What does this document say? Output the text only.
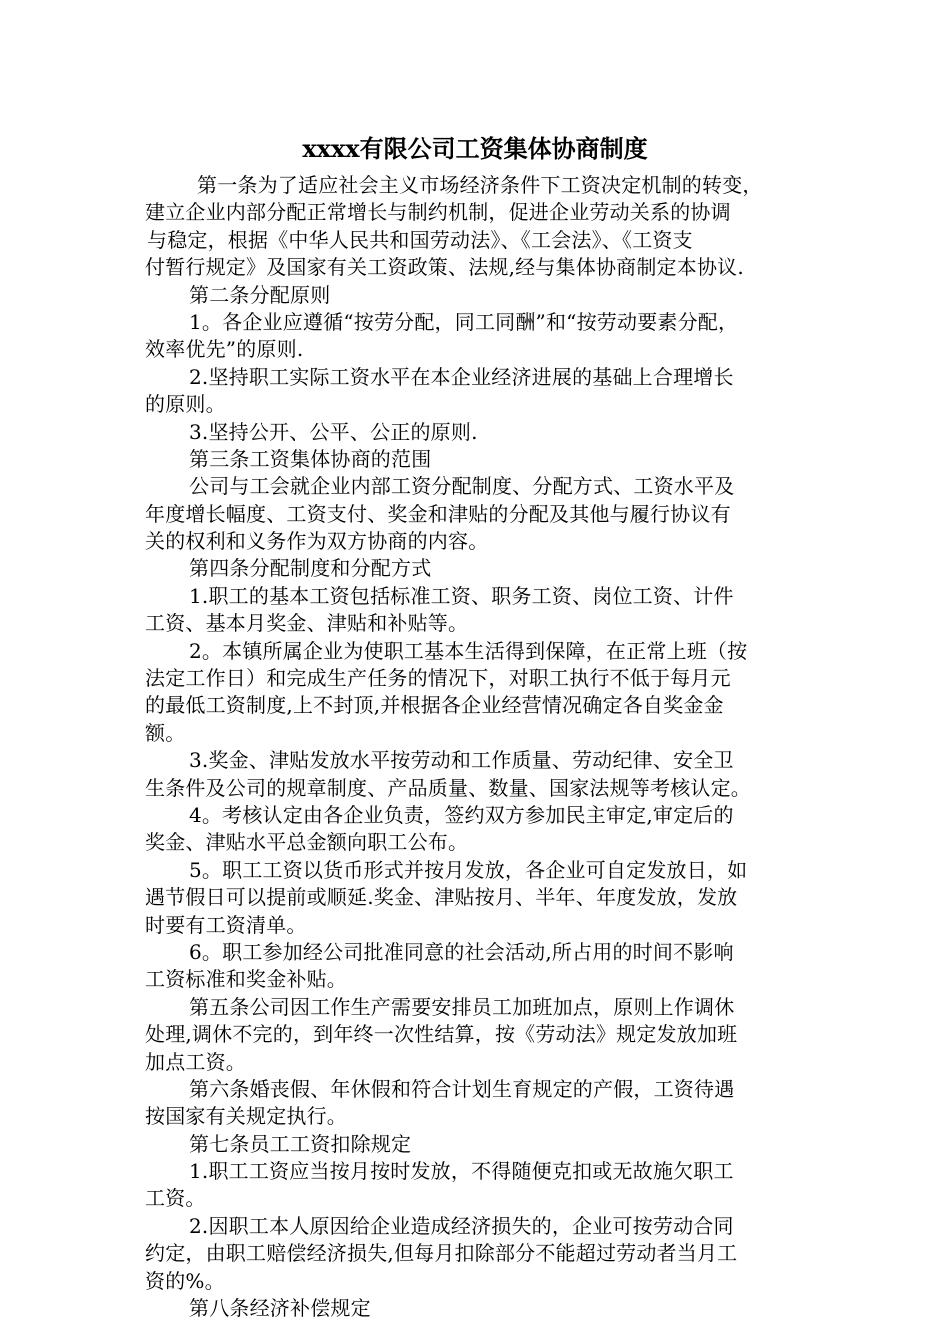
xxxx有限公司工资集体协商制度
第一条为了适应社会主义市场经济条件下工资决定机制的转变，
建立企业内部分配正常增长与制约机制，促进企业劳动关系的协调
与稳定，根据《中华人民共和国劳动法》、《工会法》、《工资支
付暂行规定》及国家有关工资政策、法规,经与集体协商制定本协议.
第二条分配原则
1。各企业应遵循“按劳分配，同工同酬”和“按劳动要素分配，
效率优先”的原则.
2.坚持职工实际工资水平在本企业经济进展的基础上合理增长
的原则。
3.坚持公开、公平、公正的原则.
第三条工资集体协商的范围
公司与工会就企业内部工资分配制度、分配方式、工资水平及
年度增长幅度、工资支付、奖金和津贴的分配及其他与履行协议有
关的权利和义务作为双方协商的内容。
第四条分配制度和分配方式
1.职工的基本工资包括标准工资、职务工资、岗位工资、计件
工资、基本月奖金、津贴和补贴等。
2。本镇所属企业为使职工基本生活得到保障，在正常上班（按
法定工作日）和完成生产任务的情况下，对职工执行不低于每月元
的最低工资制度,上不封顶,并根据各企业经营情况确定各自奖金金
额。
3.奖金、津贴发放水平按劳动和工作质量、劳动纪律、安全卫
生条件及公司的规章制度、产品质量、数量、国家法规等考核认定。
4。考核认定由各企业负责，签约双方参加民主审定,审定后的
奖金、津贴水平总金额向职工公布。
5。职工工资以货币形式并按月发放，各企业可自定发放日，如
遇节假日可以提前或顺延.奖金、津贴按月、半年、年度发放，发放
时要有工资清单。
6。职工参加经公司批准同意的社会活动,所占用的时间不影响
工资标准和奖金补贴。
第五条公司因工作生产需要安排员工加班加点，原则上作调休
处理,调休不完的，到年终一次性结算，按《劳动法》规定发放加班
加点工资。
第六条婚丧假、年休假和符合计划生育规定的产假，工资待遇
按国家有关规定执行。
第七条员工工资扣除规定
1.职工工资应当按月按时发放，不得随便克扣或无故施欠职工
工资。
2.因职工本人原因给企业造成经济损失的，企业可按劳动合同
约定，由职工赔偿经济损失,但每月扣除部分不能超过劳动者当月工
资的%。
第八条经济补偿规定
